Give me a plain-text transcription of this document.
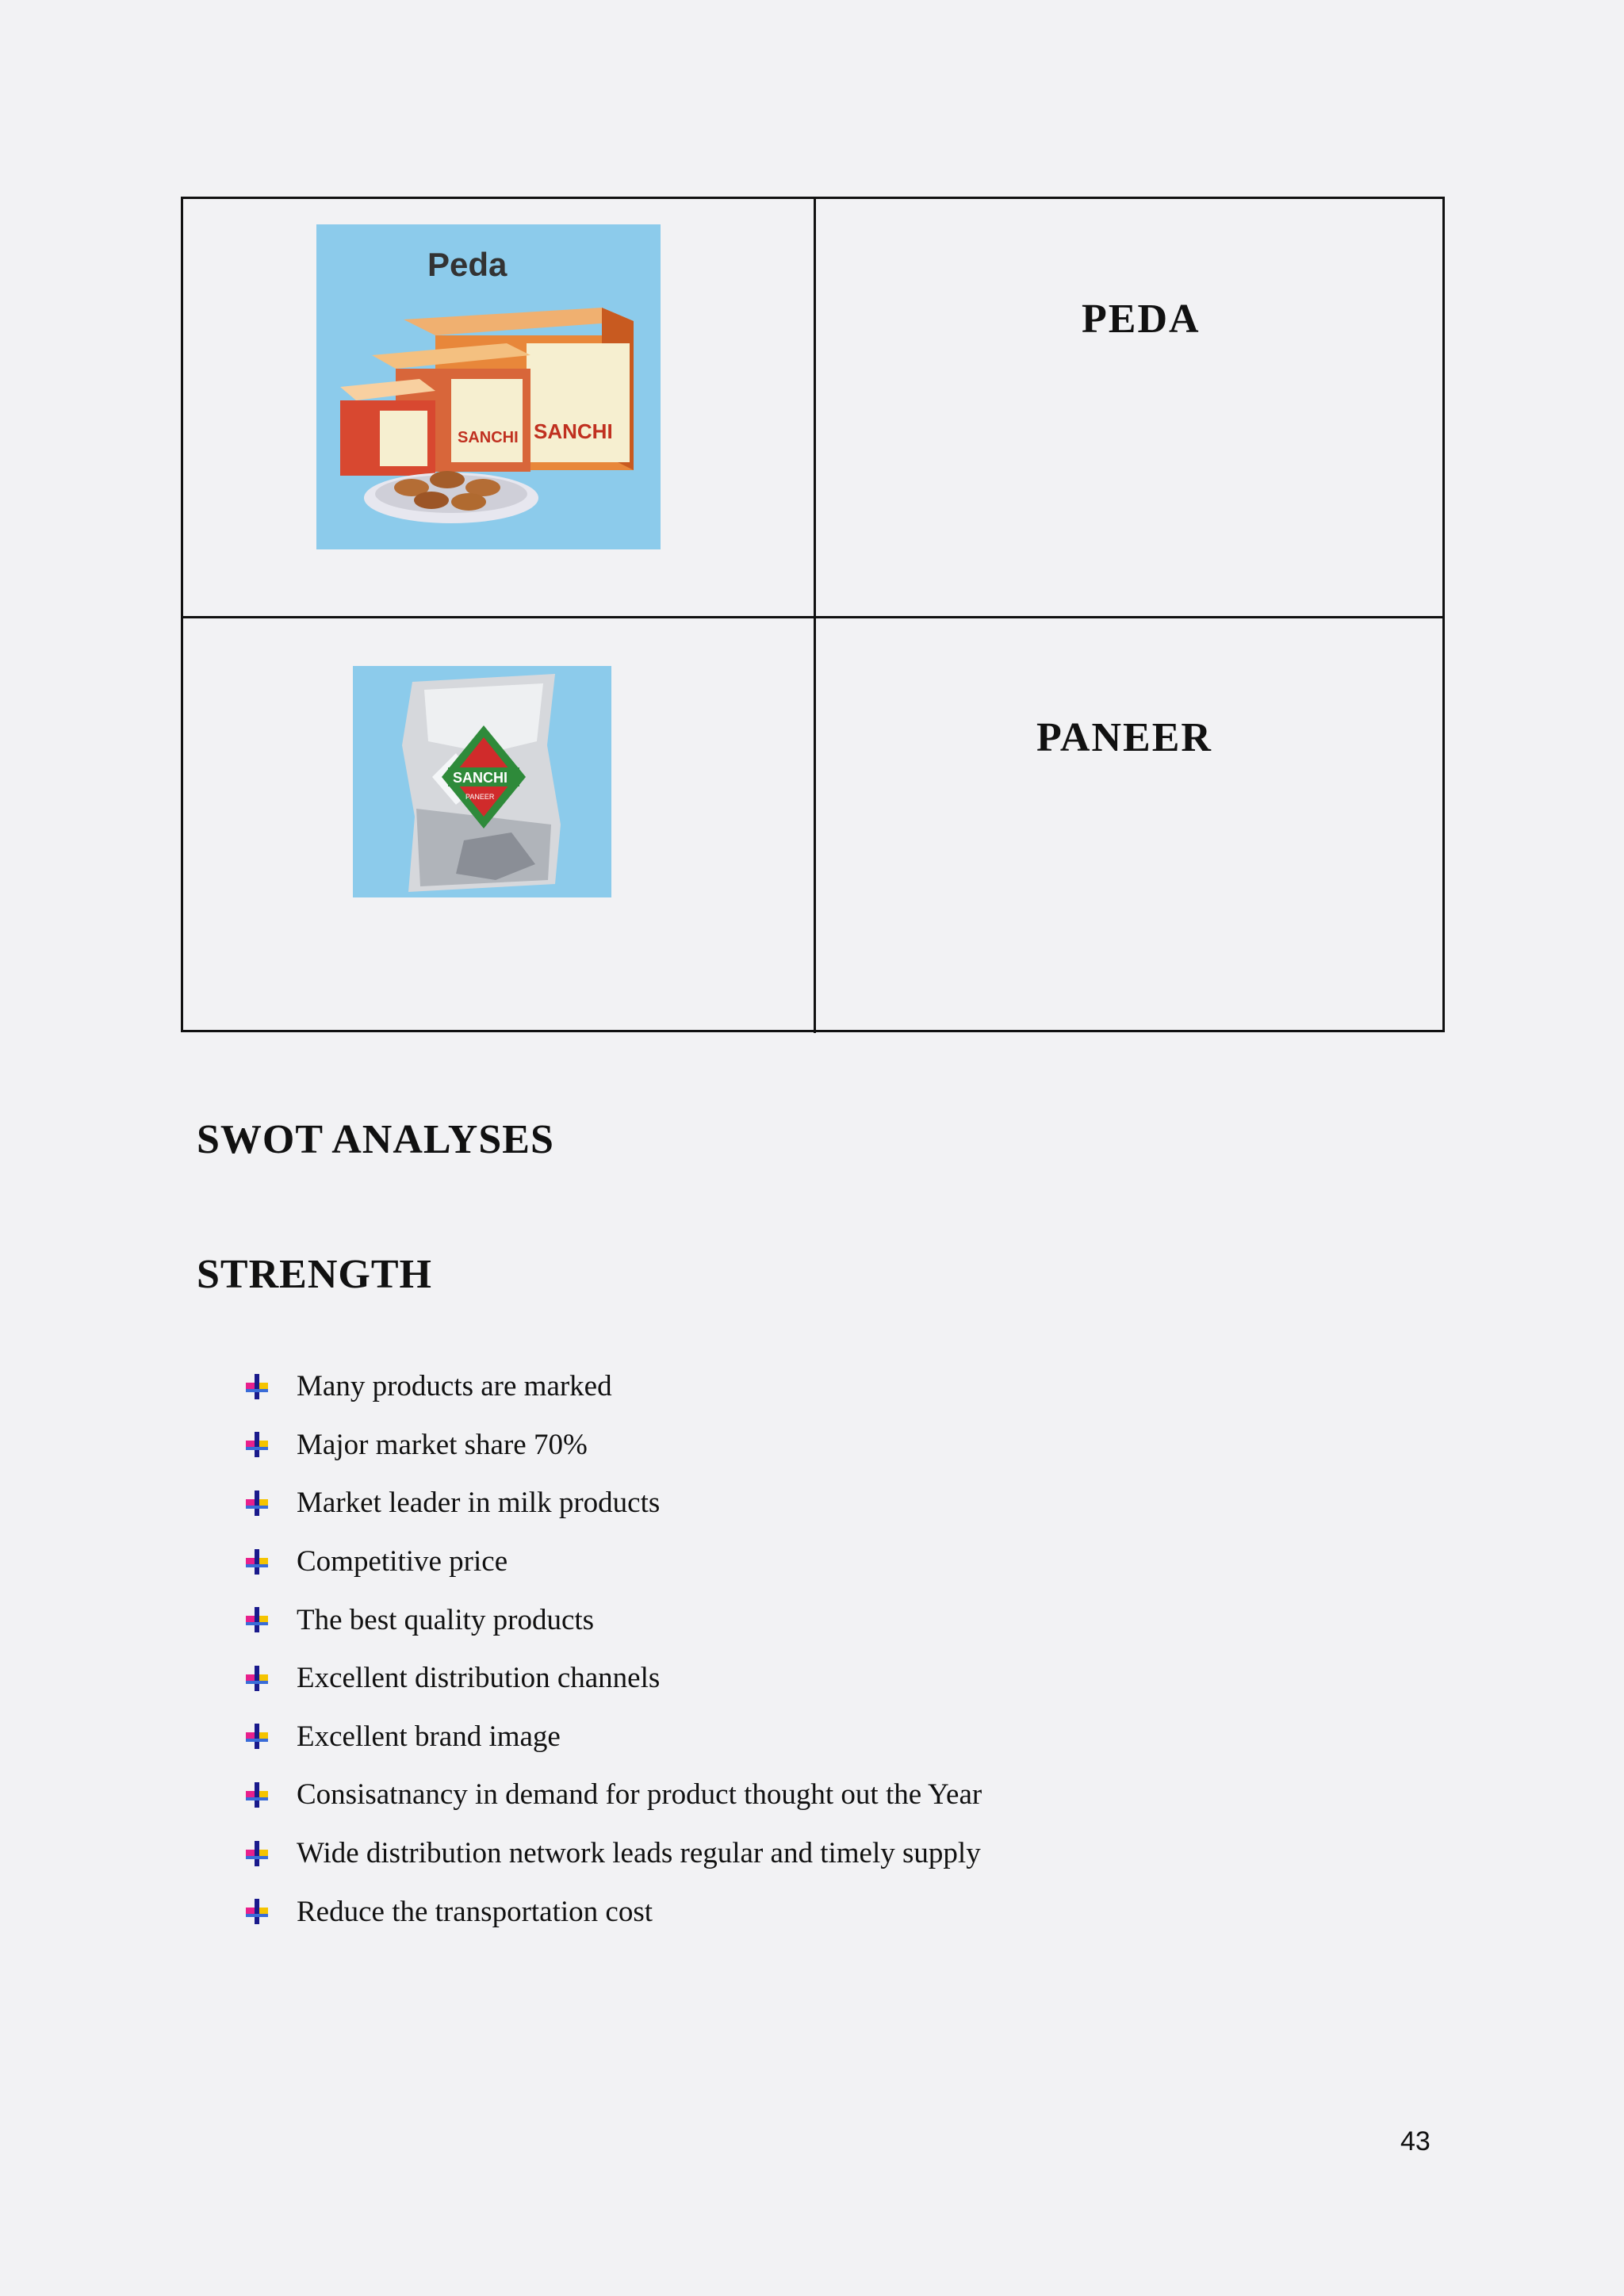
Peda
SANCHI
SANCHI
PEDA
SANCHI
PANEER
PANEER
SWOT ANALYSES
STRENGTH
Many products are marked
Major market share 70%
Market leader in milk products
Competitive price
The best quality products
Excellent distribution channels
Excellent brand image
Consisatnancy in demand for product thought out the Year
Wide distribution network leads regular and timely supply
Reduce the transportation cost
43
